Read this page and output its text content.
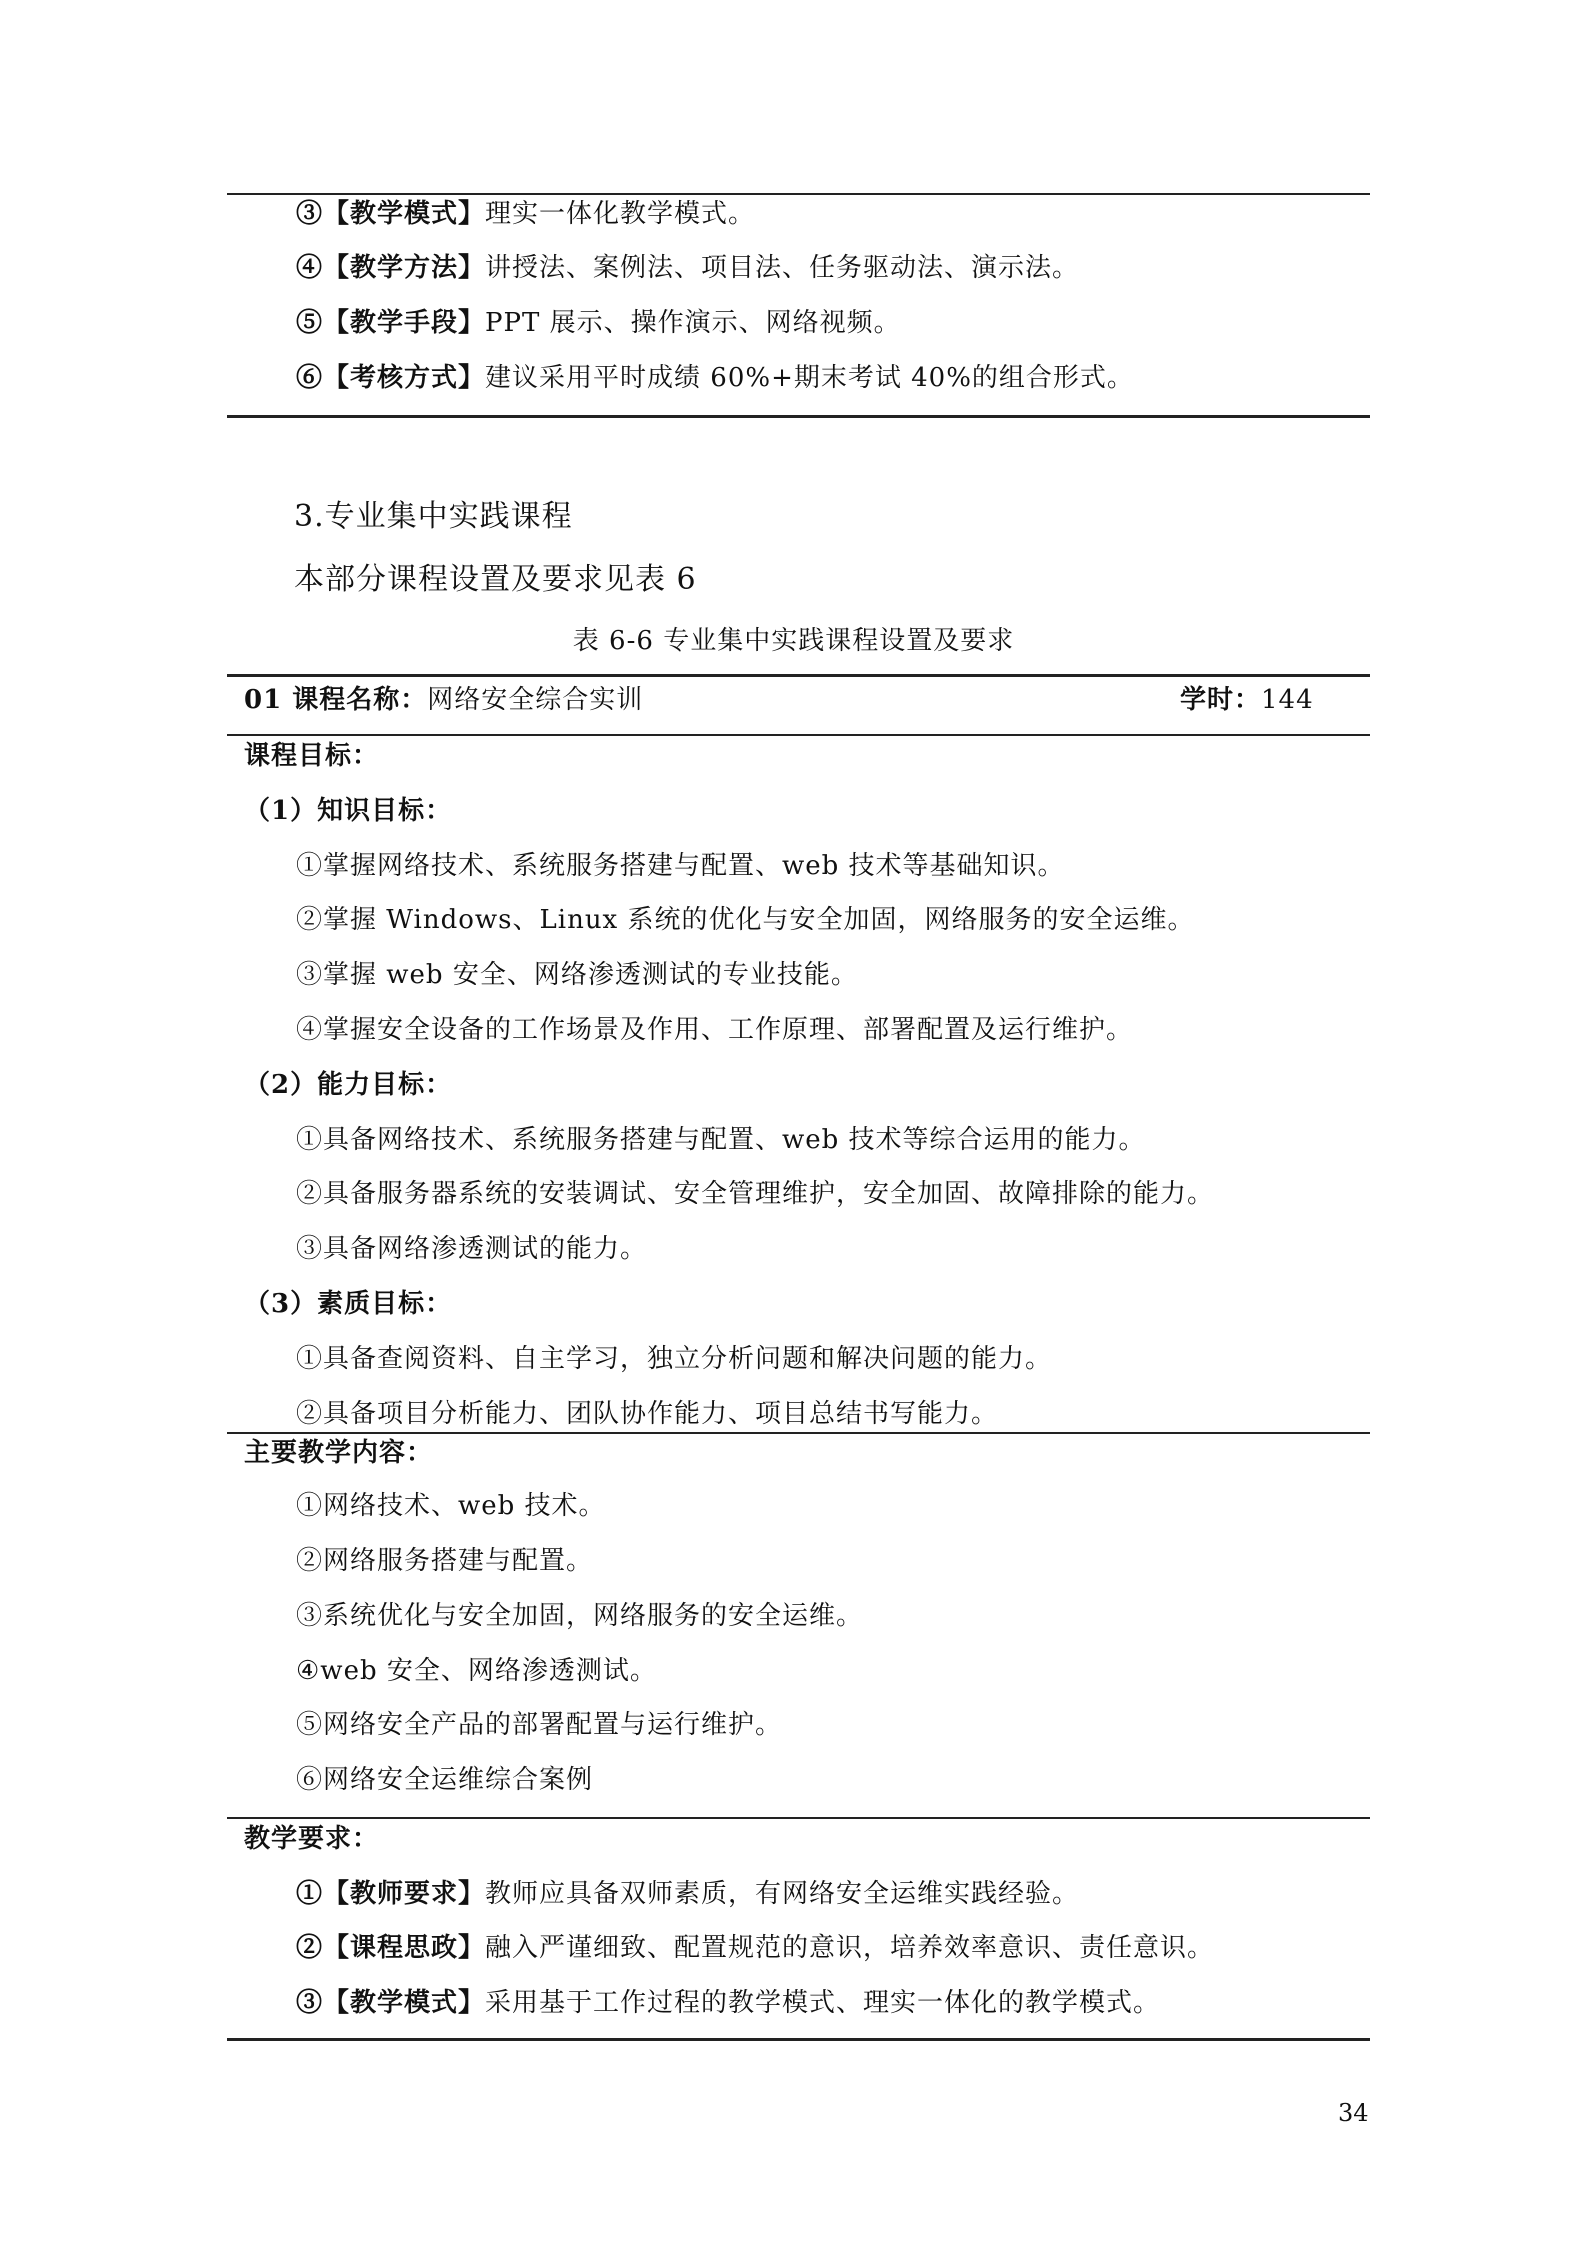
③【教学模式】理实一体化教学模式。
④【教学方法】讲授法、案例法、项目法、任务驱动法、演示法。
⑤【教学手段】PPT 展示、操作演示、网络视频。
⑥【考核方式】建议采用平时成绩 60%+期末考试 40%的组合形式。
3.专业集中实践课程
本部分课程设置及要求见表 6
表 6-6 专业集中实践课程设置及要求
01 课程名称：网络安全综合实训	学时：144
课程目标：
（1）知识目标：
①掌握网络技术、系统服务搭建与配置、web 技术等基础知识。
②掌握 Windows、Linux 系统的优化与安全加固，网络服务的安全运维。
③掌握 web 安全、网络渗透测试的专业技能。
④掌握安全设备的工作场景及作用、工作原理、部署配置及运行维护。
（2）能力目标：
①具备网络技术、系统服务搭建与配置、web 技术等综合运用的能力。
②具备服务器系统的安装调试、安全管理维护，安全加固、故障排除的能力。
③具备网络渗透测试的能力。
（3）素质目标：
①具备查阅资料、自主学习，独立分析问题和解决问题的能力。
②具备项目分析能力、团队协作能力、项目总结书写能力。
主要教学内容：
①网络技术、web 技术。
②网络服务搭建与配置。
③系统优化与安全加固，网络服务的安全运维。
④web 安全、网络渗透测试。
⑤网络安全产品的部署配置与运行维护。
⑥网络安全运维综合案例
教学要求：
①【教师要求】教师应具备双师素质，有网络安全运维实践经验。
②【课程思政】融入严谨细致、配置规范的意识，培养效率意识、责任意识。
③【教学模式】采用基于工作过程的教学模式、理实一体化的教学模式。
34
